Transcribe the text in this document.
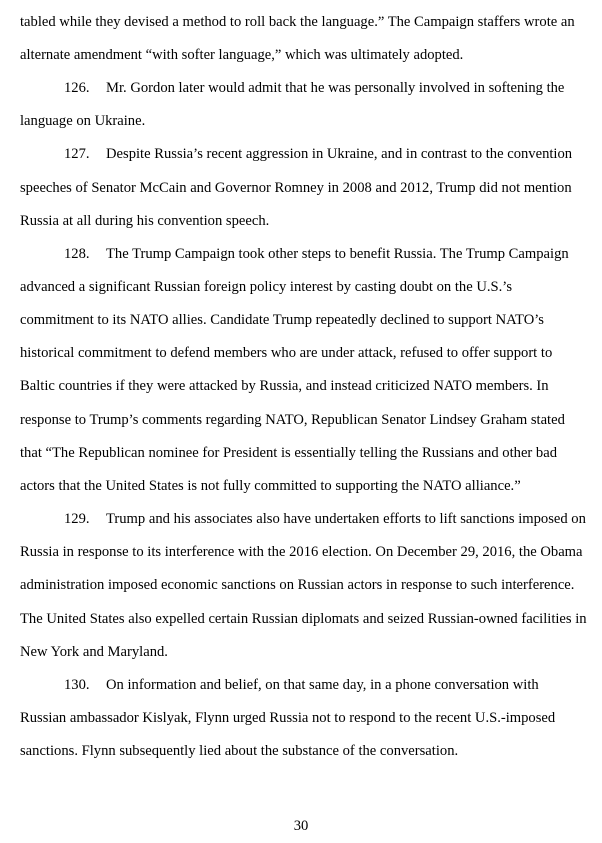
tabled while they devised a method to roll back the language.” The Campaign staffers wrote an

alternate amendment “with softer language,” which was ultimately adopted.

126. Mr. Gordon later would admit that he was personally involved in softening the

language on Ukraine.

127. Despite Russia’s recent aggression in Ukraine, and in contrast to the convention

speeches of Senator McCain and Governor Romney in 2008 and 2012, Trump did not mention

Russia at all during his convention speech.

128. The Trump Campaign took other steps to benefit Russia. The Trump Campaign

advanced a significant Russian foreign policy interest by casting doubt on the U.S.’s

commitment to its NATO allies. Candidate Trump repeatedly declined to support NATO’s

historical commitment to defend members who are under attack, refused to offer support to

Baltic countries if they were attacked by Russia, and instead criticized NATO members. In

response to Trump’s comments regarding NATO, Republican Senator Lindsey Graham stated

that “The Republican nominee for President is essentially telling the Russians and other bad

actors that the United States is not fully committed to supporting the NATO alliance.”

129. Trump and his associates also have undertaken efforts to lift sanctions imposed on

Russia in response to its interference with the 2016 election. On December 29, 2016, the Obama

administration imposed economic sanctions on Russian actors in response to such interference.

The United States also expelled certain Russian diplomats and seized Russian-owned facilities in

New York and Maryland.

130. On information and belief, on that same day, in a phone conversation with

Russian ambassador Kislyak, Flynn urged Russia not to respond to the recent U.S.-imposed

sanctions. Flynn subsequently lied about the substance of the conversation.

30
